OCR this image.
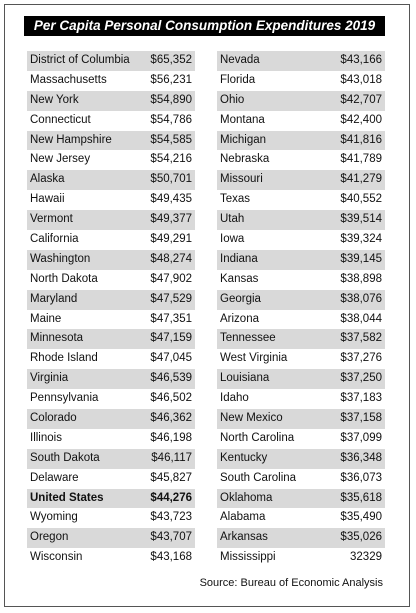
Per Capita Personal Consumption Expenditures 2019
District of Columbia $65,352
Massachusetts	$56,231
New York	$54,890
Connecticut	$54,786
New Hampshire	$54,585
New Jersey	$54,216
Alaska	$50,701
Hawaii	$49,435
Vermont	$49,377
California	$49,291
Washington	$48,274
North Dakota	$47,902
Maryland	$47,529
Maine	$47,351
Minnesota	$47,159
Rhode Island	$47,045
Virginia	$46,539
Pennsylvania	$46,502
Colorado	$46,362
Illinois	$46,198
South Dakota	$46,117
Delaware	$45,827
United States	$44,276
Wyoming	$43,723
Oregon	$43,707
Wisconsin	$43,168
Nevada	$43,166
Florida	$43,018
Ohio	$42,707
Montana	$42,400
Michigan	$41,816
Nebraska	$41,789
Missouri	$41,279
Texas	$40,552
Utah	$39,514
Iowa	$39,324
Indiana	$39,145
Kansas	$38,898
Georgia	$38,076
Arizona	$38,044
Tennessee	$37,582
West Virginia	$37,276
Louisiana	$37,250
Idaho	$37,183
New Mexico	$37,158
North Carolina	$37,099
Kentucky	$36,348
South Carolina	$36,073
Oklahoma	$35,618
Alabama	$35,490
Arkansas	$35,026
Mississippi	32329
Source: Bureau of Economic Analysis
